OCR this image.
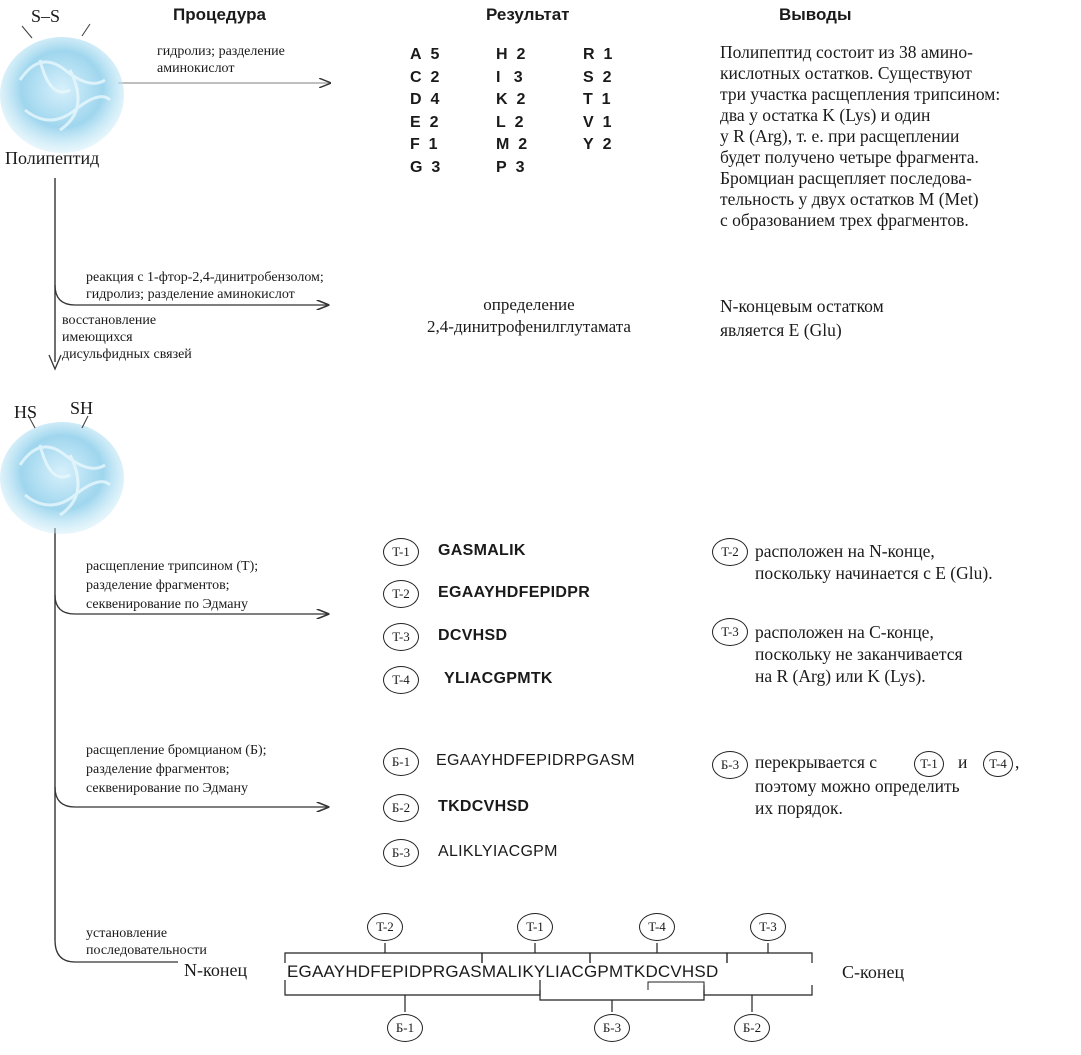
S–S
Полипептид
HS SH
Процедура	Результат	Выводы
гидролиз; разделение
аминокислот
A 5
C 2
D 4
E 2
F 1
G 3
H 2
I 3
K 2
L 2
M 2
P 3
R 1
S 2
T 1
V 1
Y 2
Полипептид состоит из 38 амино-
кислотных остатков. Существуют
три участка расщепления трипсином:
два у остатка K (Lys) и один
у R (Arg), т. е. при расщеплении
будет получено четыре фрагмента.
Бромциан расщепляет последова-
тельность у двух остатков M (Met)
с образованием трех фрагментов.
реакция с 1-фтор-2,4-динитробензолом;
гидролиз; разделение аминокислот
восстановление
имеющихся
дисульфидных связей
определение
2,4-динитрофенилглутамата
N-концевым остатком
является E (Glu)
расщепление трипсином (T);
разделение фрагментов;
секвенирование по Эдману
T-1	GASMALIK
T-2	EGAAYHDFEPIDPR
T-3	DCVHSD
T-4	YLIACGPMTK
T-2 расположен на N-конце,
поскольку начинается с E (Glu).
T-3 расположен на C-конце,
поскольку не заканчивается
на R (Arg) или K (Lys).
расщепление бромцианом (Б);
разделение фрагментов;
секвенирование по Эдману
Б-1	EGAAYHDFEPIDRPGASM
Б-2	TKDCVHSD
Б-3	ALIKLYIACGPM
Б-3 перекрывается с	T-1	и	T-4 ,
поэтому можно определить
их порядок.
установление
последовательности
N-конец	C-конец
EGAAYHDFEPIDPRGASMALIKYLIACGPMTKDCVHSD
T-2	T-1	T-4	T-3
Б-1	Б-3	Б-2
